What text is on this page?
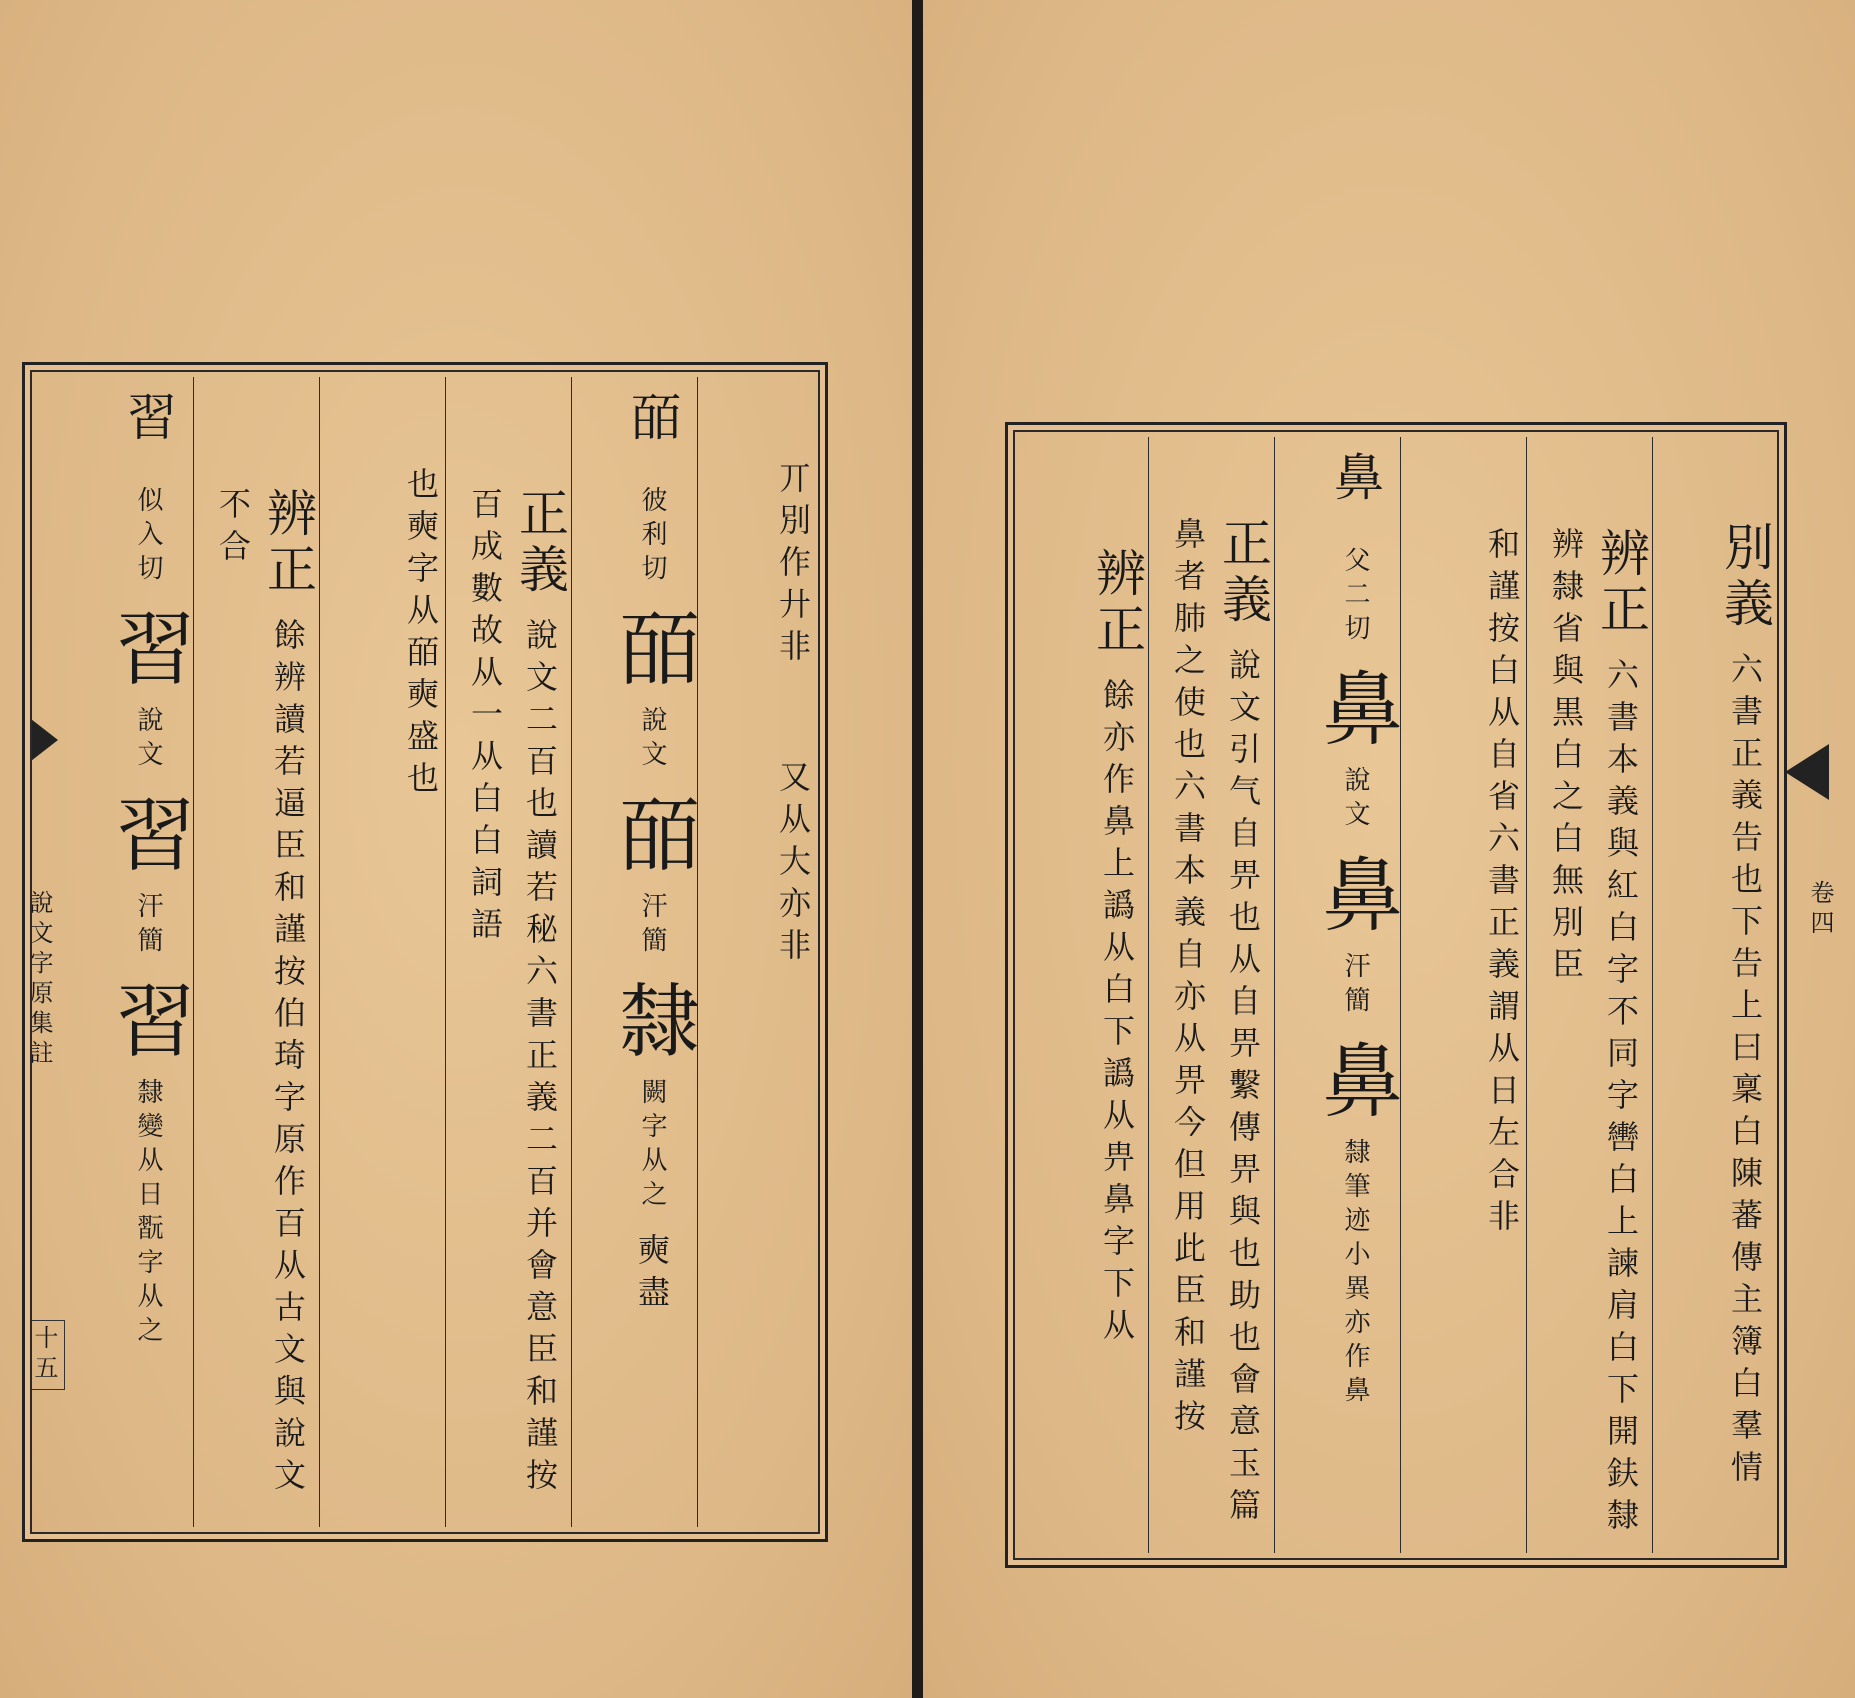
說文字原集註
十五
丌別作廾非 又从大亦非
皕 彼利切 皕 說文 皕 汗簡 隸 闕字从之 奭盡
正義 說文二百也讀若秘六書正義二百并會意臣和謹按百成數故从一从白白詞語
也奭字从皕奭盛也
辨正 餘辨讀若逼臣和謹按伯琦字原作百从古文與說文不合
習 似入切 習 說文 習 汗簡 習 隸變从日翫字从之
卷四
別義 六書正義告也下告上曰稟白陳蕃傳主簿白羣情
辨正 六書本義與紅白字不同字轡白上諫肩白下開鈇隸辨隸省與黒白之白無別臣
和謹按白从自省六書正義謂从日左合非
鼻 父二切 鼻 說文 鼻 汗簡 鼻 隸筆迹小異亦作鼻
正義 說文引气自畀也从自畀繫傳畀與也助也會意玉篇鼻者肺之使也六書本義自亦从畀今但用此臣和謹按
辨正 餘亦作鼻上譌从白下譌从畁鼻字下从
